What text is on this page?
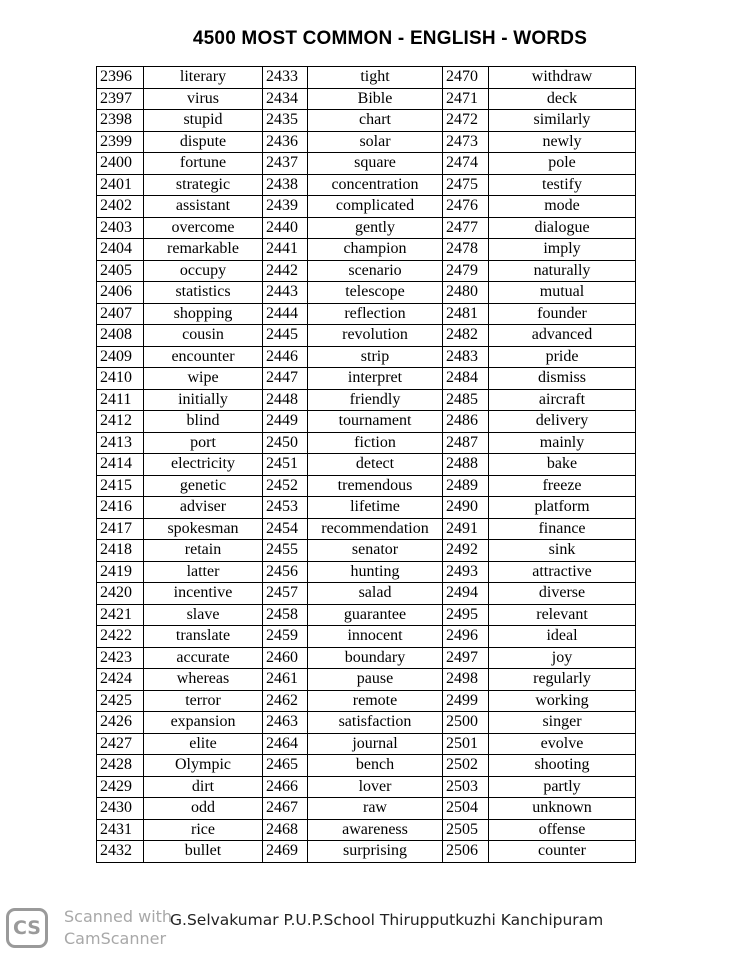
4500 MOST COMMON - ENGLISH - WORDS
2396	literary	2433	tight	2470	withdraw
2397	virus	2434	Bible	2471	deck
2398	stupid	2435	chart	2472	similarly
2399	dispute	2436	solar	2473	newly
2400	fortune	2437	square	2474	pole
2401	strategic	2438	concentration	2475	testify
2402	assistant	2439	complicated	2476	mode
2403	overcome	2440	gently	2477	dialogue
2404	remarkable	2441	champion	2478	imply
2405	occupy	2442	scenario	2479	naturally
2406	statistics	2443	telescope	2480	mutual
2407	shopping	2444	reflection	2481	founder
2408	cousin	2445	revolution	2482	advanced
2409	encounter	2446	strip	2483	pride
2410	wipe	2447	interpret	2484	dismiss
2411	initially	2448	friendly	2485	aircraft
2412	blind	2449	tournament	2486	delivery
2413	port	2450	fiction	2487	mainly
2414	electricity	2451	detect	2488	bake
2415	genetic	2452	tremendous	2489	freeze
2416	adviser	2453	lifetime	2490	platform
2417	spokesman	2454	recommendation	2491	finance
2418	retain	2455	senator	2492	sink
2419	latter	2456	hunting	2493	attractive
2420	incentive	2457	salad	2494	diverse
2421	slave	2458	guarantee	2495	relevant
2422	translate	2459	innocent	2496	ideal
2423	accurate	2460	boundary	2497	joy
2424	whereas	2461	pause	2498	regularly
2425	terror	2462	remote	2499	working
2426	expansion	2463	satisfaction	2500	singer
2427	elite	2464	journal	2501	evolve
2428	Olympic	2465	bench	2502	shooting
2429	dirt	2466	lover	2503	partly
2430	odd	2467	raw	2504	unknown
2431	rice	2468	awareness	2505	offense
2432	bullet	2469	surprising	2506	counter
CS
Scanned with
CamScanner
G.Selvakumar P.U.P.School Thirupputkuzhi Kanchipuram
